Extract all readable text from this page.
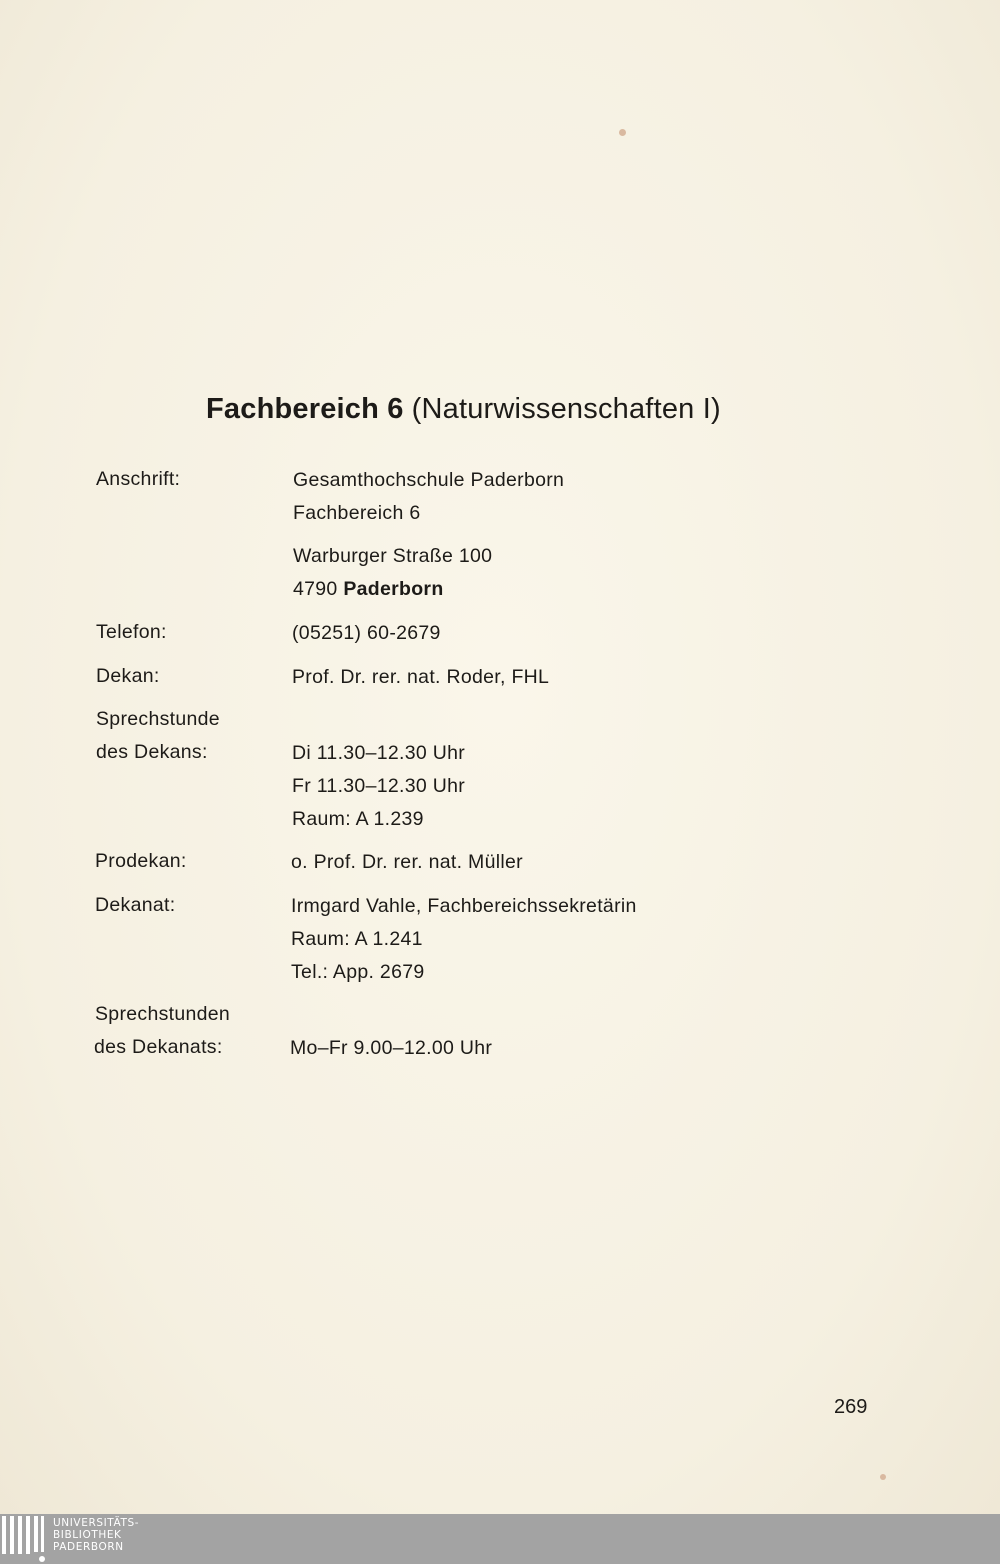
Fachbereich 6 (Naturwissenschaften I)
Anschrift:	Gesamthochschule Paderborn
Fachbereich 6
Warburger Straße 100
4790 Paderborn
Telefon:	(05251) 60-2679
Dekan:	Prof. Dr. rer. nat. Roder, FHL
Sprechstunde
des Dekans:	Di 11.30–12.30 Uhr
Fr 11.30–12.30 Uhr
Raum: A 1.239
Prodekan:	o. Prof. Dr. rer. nat. Müller
Dekanat:	Irmgard Vahle, Fachbereichssekretärin
Raum: A 1.241
Tel.: App. 2679
Sprechstunden
des Dekanats:	Mo–Fr 9.00–12.00 Uhr
269
UNIVERSITÄTS-
BIBLIOTHEK
PADERBORN
